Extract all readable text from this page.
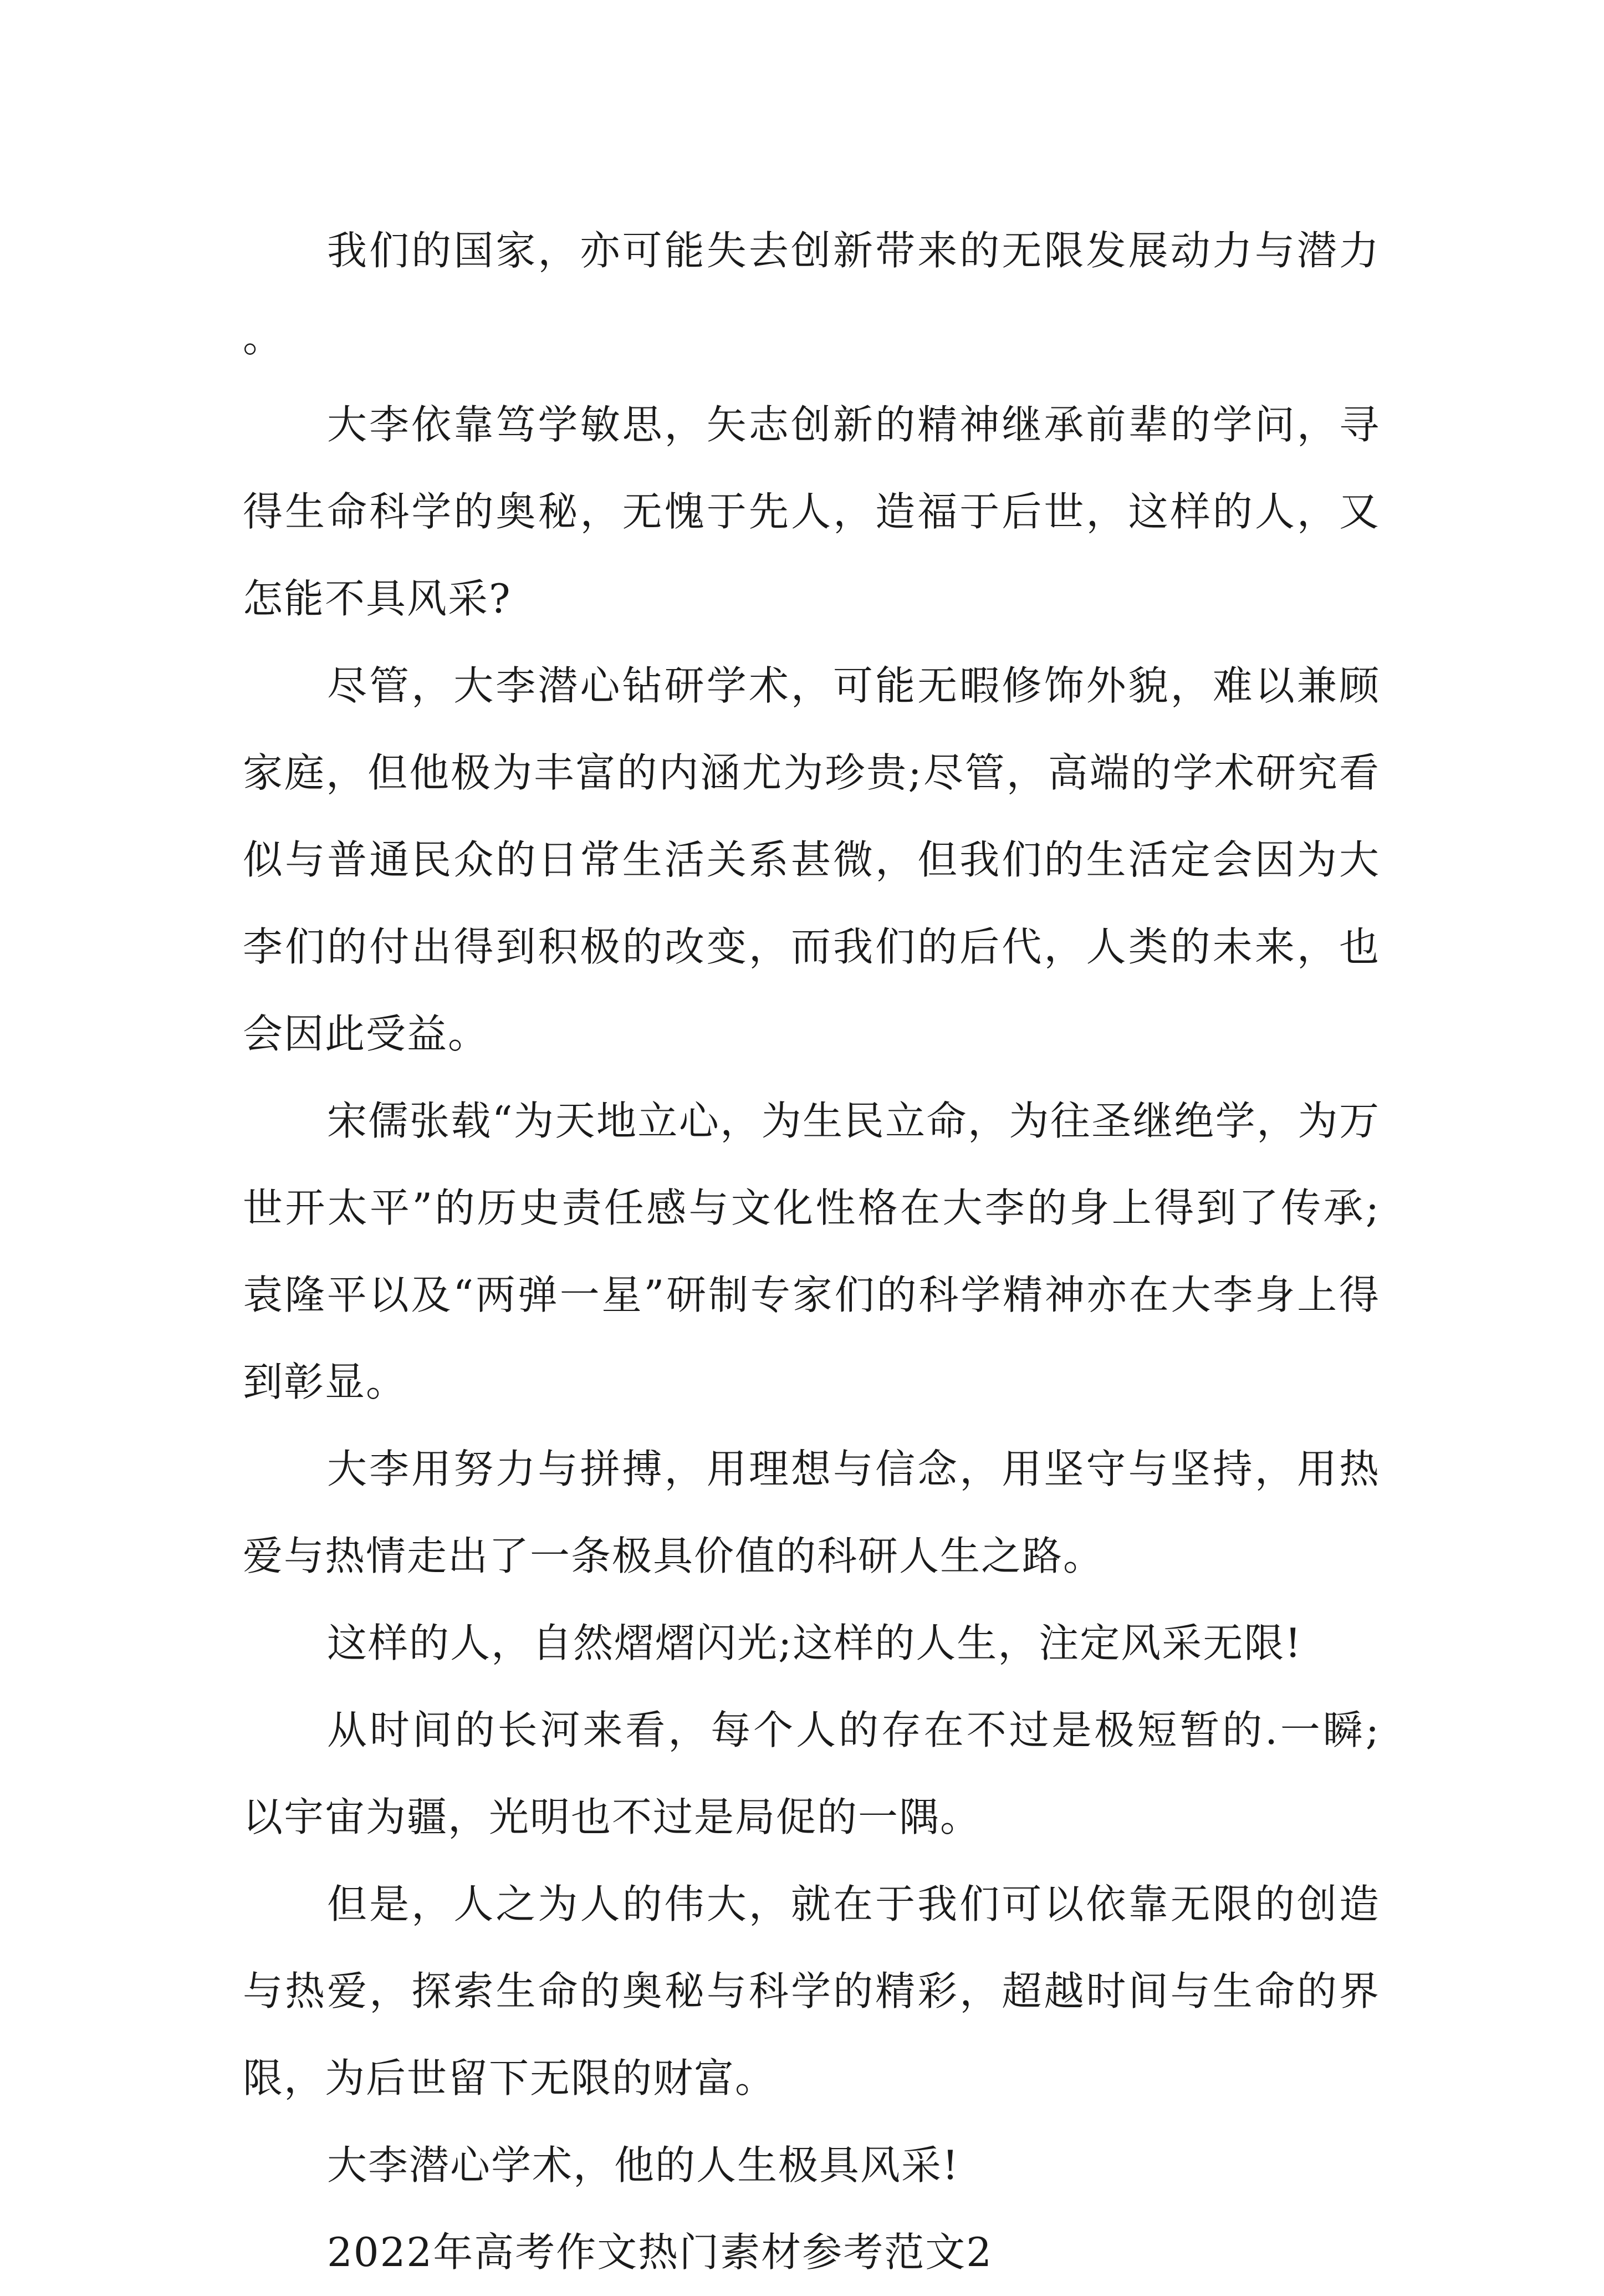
我们的国家，亦可能失去创新带来的无限发展动力与潜力。

大李依靠笃学敏思，矢志创新的精神继承前辈的学问，寻得生命科学的奥秘，无愧于先人，造福于后世，这样的人，又怎能不具风采?

尽管，大李潜心钻研学术，可能无暇修饰外貌，难以兼顾家庭，但他极为丰富的内涵尤为珍贵;尽管，高端的学术研究看似与普通民众的日常生活关系甚微，但我们的生活定会因为大李们的付出得到积极的改变，而我们的后代，人类的未来，也会因此受益。

宋儒张载“为天地立心，为生民立命，为往圣继绝学，为万世开太平”的历史责任感与文化性格在大李的身上得到了传承;袁隆平以及“两弹一星”研制专家们的科学精神亦在大李身上得到彰显。

大李用努力与拼搏，用理想与信念，用坚守与坚持，用热爱与热情走出了一条极具价值的科研人生之路。

这样的人，自然熠熠闪光;这样的人生，注定风采无限!

从时间的长河来看，每个人的存在不过是极短暂的.一瞬;以宇宙为疆，光明也不过是局促的一隅。

但是，人之为人的伟大，就在于我们可以依靠无限的创造与热爱，探索生命的奥秘与科学的精彩，超越时间与生命的界限，为后世留下无限的财富。

大李潜心学术，他的人生极具风采!

2022年高考作文热门素材参考范文2
